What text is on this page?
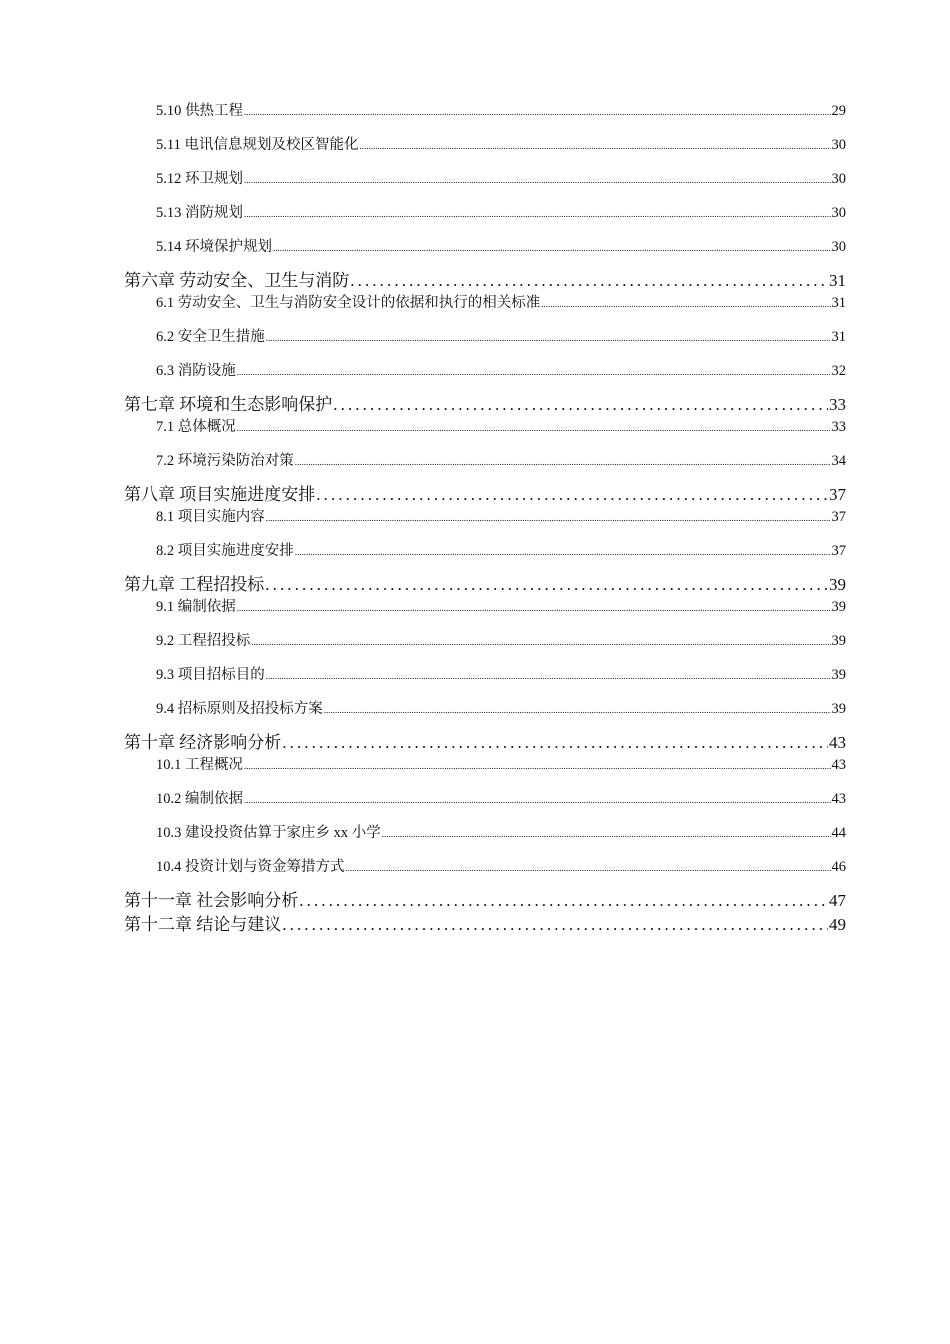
5.10 供热工程 .....	29
5.11 电讯信息规划及校区智能化 .....	30
5.12 环卫规划 .....	30
5.13 消防规划 .....	30
5.14 环境保护规划 .....	30
第六章 劳动安全、卫生与消防 .....	31
6.1 劳动安全、卫生与消防安全设计的依据和执行的相关标准 .....	31
6.2 安全卫生措施 .....	31
6.3 消防设施 .....	32
第七章 环境和生态影响保护 .....	33
7.1 总体概况 .....	33
7.2 环境污染防治对策 .....	34
第八章 项目实施进度安排 .....	37
8.1 项目实施内容 .....	37
8.2 项目实施进度安排 .....	37
第九章 工程招投标 .....	39
9.1 编制依据 .....	39
9.2 工程招投标 .....	39
9.3 项目招标目的 .....	39
9.4 招标原则及招投标方案 .....	39
第十章 经济影响分析 .....	43
10.1 工程概况 .....	43
10.2 编制依据 .....	43
10.3 建设投资估算于家庄乡 xx 小学 .....	44
10.4 投资计划与资金筹措方式 .....	46
第十一章 社会影响分析 .....	47
第十二章 结论与建议 .....	49
